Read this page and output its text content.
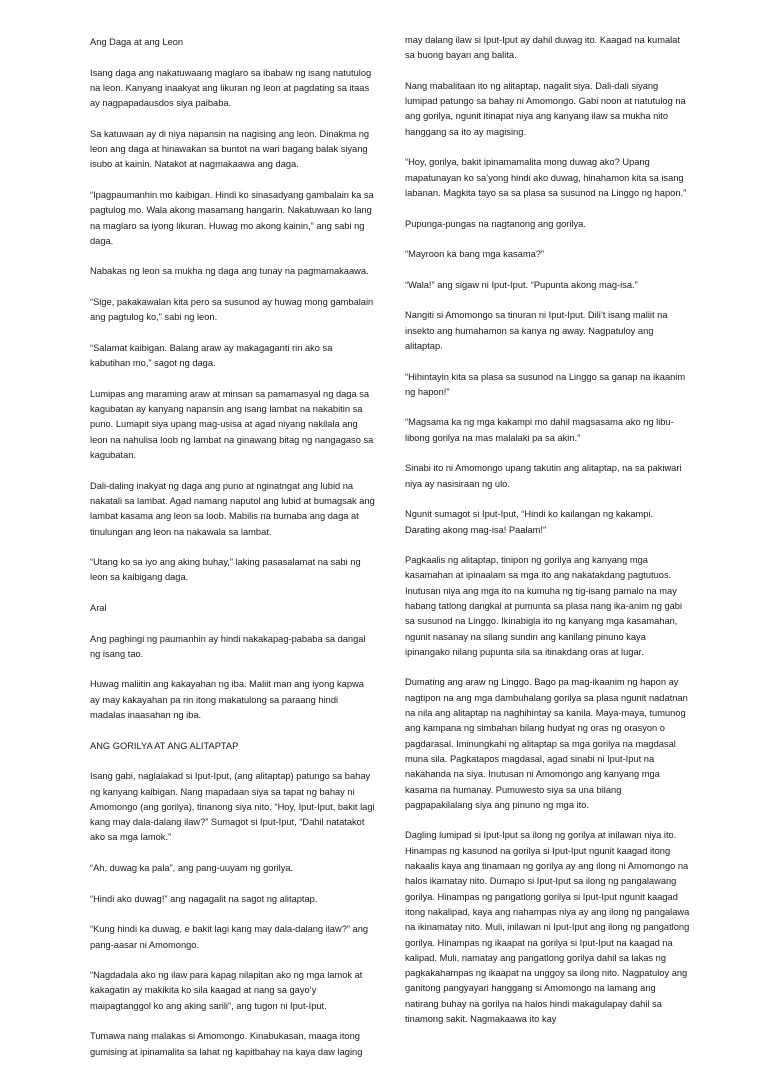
Ang Daga at ang Leon

Isang daga ang nakatuwaang maglaro sa ibabaw ng isang natutulog na leon. Kanyang inaakyat ang likuran ng leon at pagdating sa itaas ay nagpapadausdos siya paibaba.

Sa katuwaan ay di niya napansin na nagising ang leon. Dinakma ng leon ang daga at hinawakan sa buntot na wari bagang balak siyang isubo at kainin. Natakot at nagmakaawa ang daga.

“Ipagpaumanhin mo kaibigan. Hindi ko sinasadyang gambalain ka sa pagtulog mo. Wala akong masamang hangarin. Nakatuwaan ko lang na maglaro sa iyong likuran. Huwag mo akong kainin,” ang sabi ng daga.

Nabakas ng leon sa mukha ng daga ang tunay na pagmamakaawa.

“Sige, pakakawalan kita pero sa susunod ay huwag mong gambalain ang pagtulog ko,” sabi ng leon.

“Salamat kaibigan. Balang araw ay makagaganti rin ako sa kabutihan mo,” sagot ng daga.

Lumipas ang maraming araw at minsan sa pamamasyal ng daga sa kagubatan ay kanyang napansin ang isang lambat na nakabitin sa puno. Lumapit siya upang mag-usisa at agad niyang nakilala ang leon na nahulisa loob ng lambat na ginawang bitag ng nangagaso sa kagubatan.

Dali-daling inakyat ng daga ang puno at nginatngat ang lubid na nakatali sa lambat. Agad namang naputol ang lubid at bumagsak ang lambat kasama ang leon sa loob. Mabilis na bumaba ang daga at tinulungan ang leon na nakawala sa lambat.

“Utang ko sa iyo ang aking buhay,” laking pasasalamat na sabi ng leon sa kaibigang daga.

Aral

Ang paghingi ng paumanhin ay hindi nakakapag-pababa sa dangal ng isang tao.

Huwag maliitin ang kakayahan ng iba. Maliit man ang iyong kapwa ay may kakayahan pa rin itong makatulong sa paraang hindi madalas inaasahan ng iba.

ANG GORILYA AT ANG ALITAPTAP

Isang gabi, naglalakad si Iput-Iput, (ang alitaptap) patungo sa bahay ng kanyang kaibigan. Nang mapadaan siya sa tapat ng bahay ni Amomongo (ang gorilya), tinanong siya nito. “Hoy, Iput-Iput, bakit lagi kang may dala-dalang ilaw?” Sumagot si Iput-Iput, “Dahil natatakot ako sa mga lamok.”

“Ah, duwag ka pala”, ang pang-uuyam ng gorilya.

“Hindi ako duwag!” ang nagagalit na sagot ng alitaptap.

“Kung hindi ka duwag, e bakit lagi kang may dala-dalang ilaw?” ang pang-aasar ni Amomongo.

“Nagdadala ako ng ilaw para kapag nilapitan ako ng mga lamok at kakagatin ay makikita ko sila kaagad at nang sa gayo’y maipagtanggol ko ang aking sarili”, ang tugon ni Iput-Iput.

Tumawa nang malakas si Amomongo. Kinabukasan, maaga itong gumising at ipinamalita sa lahat ng kapitbahay na kaya daw laging

may dalang ilaw si Iput-Iput ay dahil duwag ito. Kaagad na kumalat sa buong bayan ang balita.

Nang mabalitaan ito ng alitaptap, nagalit siya. Dali-dali siyang lumipad patungo sa bahay ni Amomongo. Gabi noon at natutulog na ang gorilya, ngunit itinapat niya ang kanyang ilaw sa mukha nito hanggang sa ito ay magising.

“Hoy, gorilya, bakit ipinamamalita mong duwag ako? Upang mapatunayan ko sa’yong hindi ako duwag, hinahamon kita sa isang labanan. Magkita tayo sa sa plasa sa susunod na Linggo ng hapon.”

Pupunga-pungas na nagtanong ang gorilya.

“Mayroon ka bang mga kasama?”

“Wala!” ang sigaw ni Iput-Iput. “Pupunta akong mag-isa.”

Nangiti si Amomongo sa tinuran ni Iput-Iput. Dili’t isang maliit na insekto ang humahamon sa kanya ng away. Nagpatuloy ang alitaptap.

“Hihintayin kita sa plasa sa susunod na Linggo sa ganap na ikaanim ng hapon!”

“Magsama ka ng mga kakampi mo dahil magsasama ako ng libu-libong gorilya na mas malalaki pa sa akin.”

Sinabi ito ni Amomongo upang takutin ang alitaptap, na sa pakiwari niya ay nasisiraan ng ulo.

Ngunit sumagot si Iput-Iput, “Hindi ko kailangan ng kakampi. Darating akong mag-isa! Paalam!”

Pagkaalis ng alitaptap, tinipon ng gorilya ang kanyang mga kasamahan at ipinaalam sa mga ito ang nakatakdang pagtutuos. Inutusan niya ang mga ito na kumuha ng tig-isang pamalo na may habang tatlong dangkal at pumunta sa plasa nang ika-anim ng gabi sa susunod na Linggo. Ikinabigla ito ng kanyang mga kasamahan, ngunit nasanay na silang sundin ang kanilang pinuno kaya ipinangako nilang pupunta sila sa itinakdang oras at lugar.

Dumating ang araw ng Linggo. Bago pa mag-ikaanim ng hapon ay nagtipon na ang mga dambuhalang gorilya sa plasa ngunit nadatnan na nila ang alitaptap na naghihintay sa kanila. Maya-maya, tumunog ang kampana ng simbahan bilang hudyat ng oras ng orasyon o pagdarasal. Iminungkahi ng alitaptap sa mga gorilya na magdasal muna sila. Pagkatapos magdasal, agad sinabi ni Iput-Iput na nakahanda na siya. Inutusan ni Amomongo ang kanyang mga kasama na humanay. Pumuwesto siya sa una bilang pagpapakilalang siya ang pinuno ng mga ito.

Dagling lumipad si Iput-Iput sa ilong ng gorilya at inilawan niya ito. Hinampas ng kasunod na gorilya si Iput-Iput ngunit kaagad itong nakaalis kaya ang tinamaan ng gorilya ay ang ilong ni Amomongo na halos ikamatay nito. Dumapo si Iput-Iput sa ilong ng pangalawang gorilya. Hinampas ng pangatlong gorilya si Iput-Iput ngunit kaagad itong nakalipad, kaya ang nahampas niya ay ang ilong ng pangalawa na ikinamatay nito. Muli, inilawan ni Iput-Iput ang ilong ng pangatlong gorilya. Hinampas ng ikaapat na gorilya si Iput-Iput na kaagad na kalipad. Muli, namatay ang pangatlong gorilya dahil sa lakas ng pagkakahampas ng ikaapat na unggoy sa ilong nito. Nagpatuloy ang ganitong pangyayari hanggang si Amomongo na lamang ang natirang buhay na gorilya na halos hindi makagulapay dahil sa tinamong sakit. Nagmakaawa ito kay
